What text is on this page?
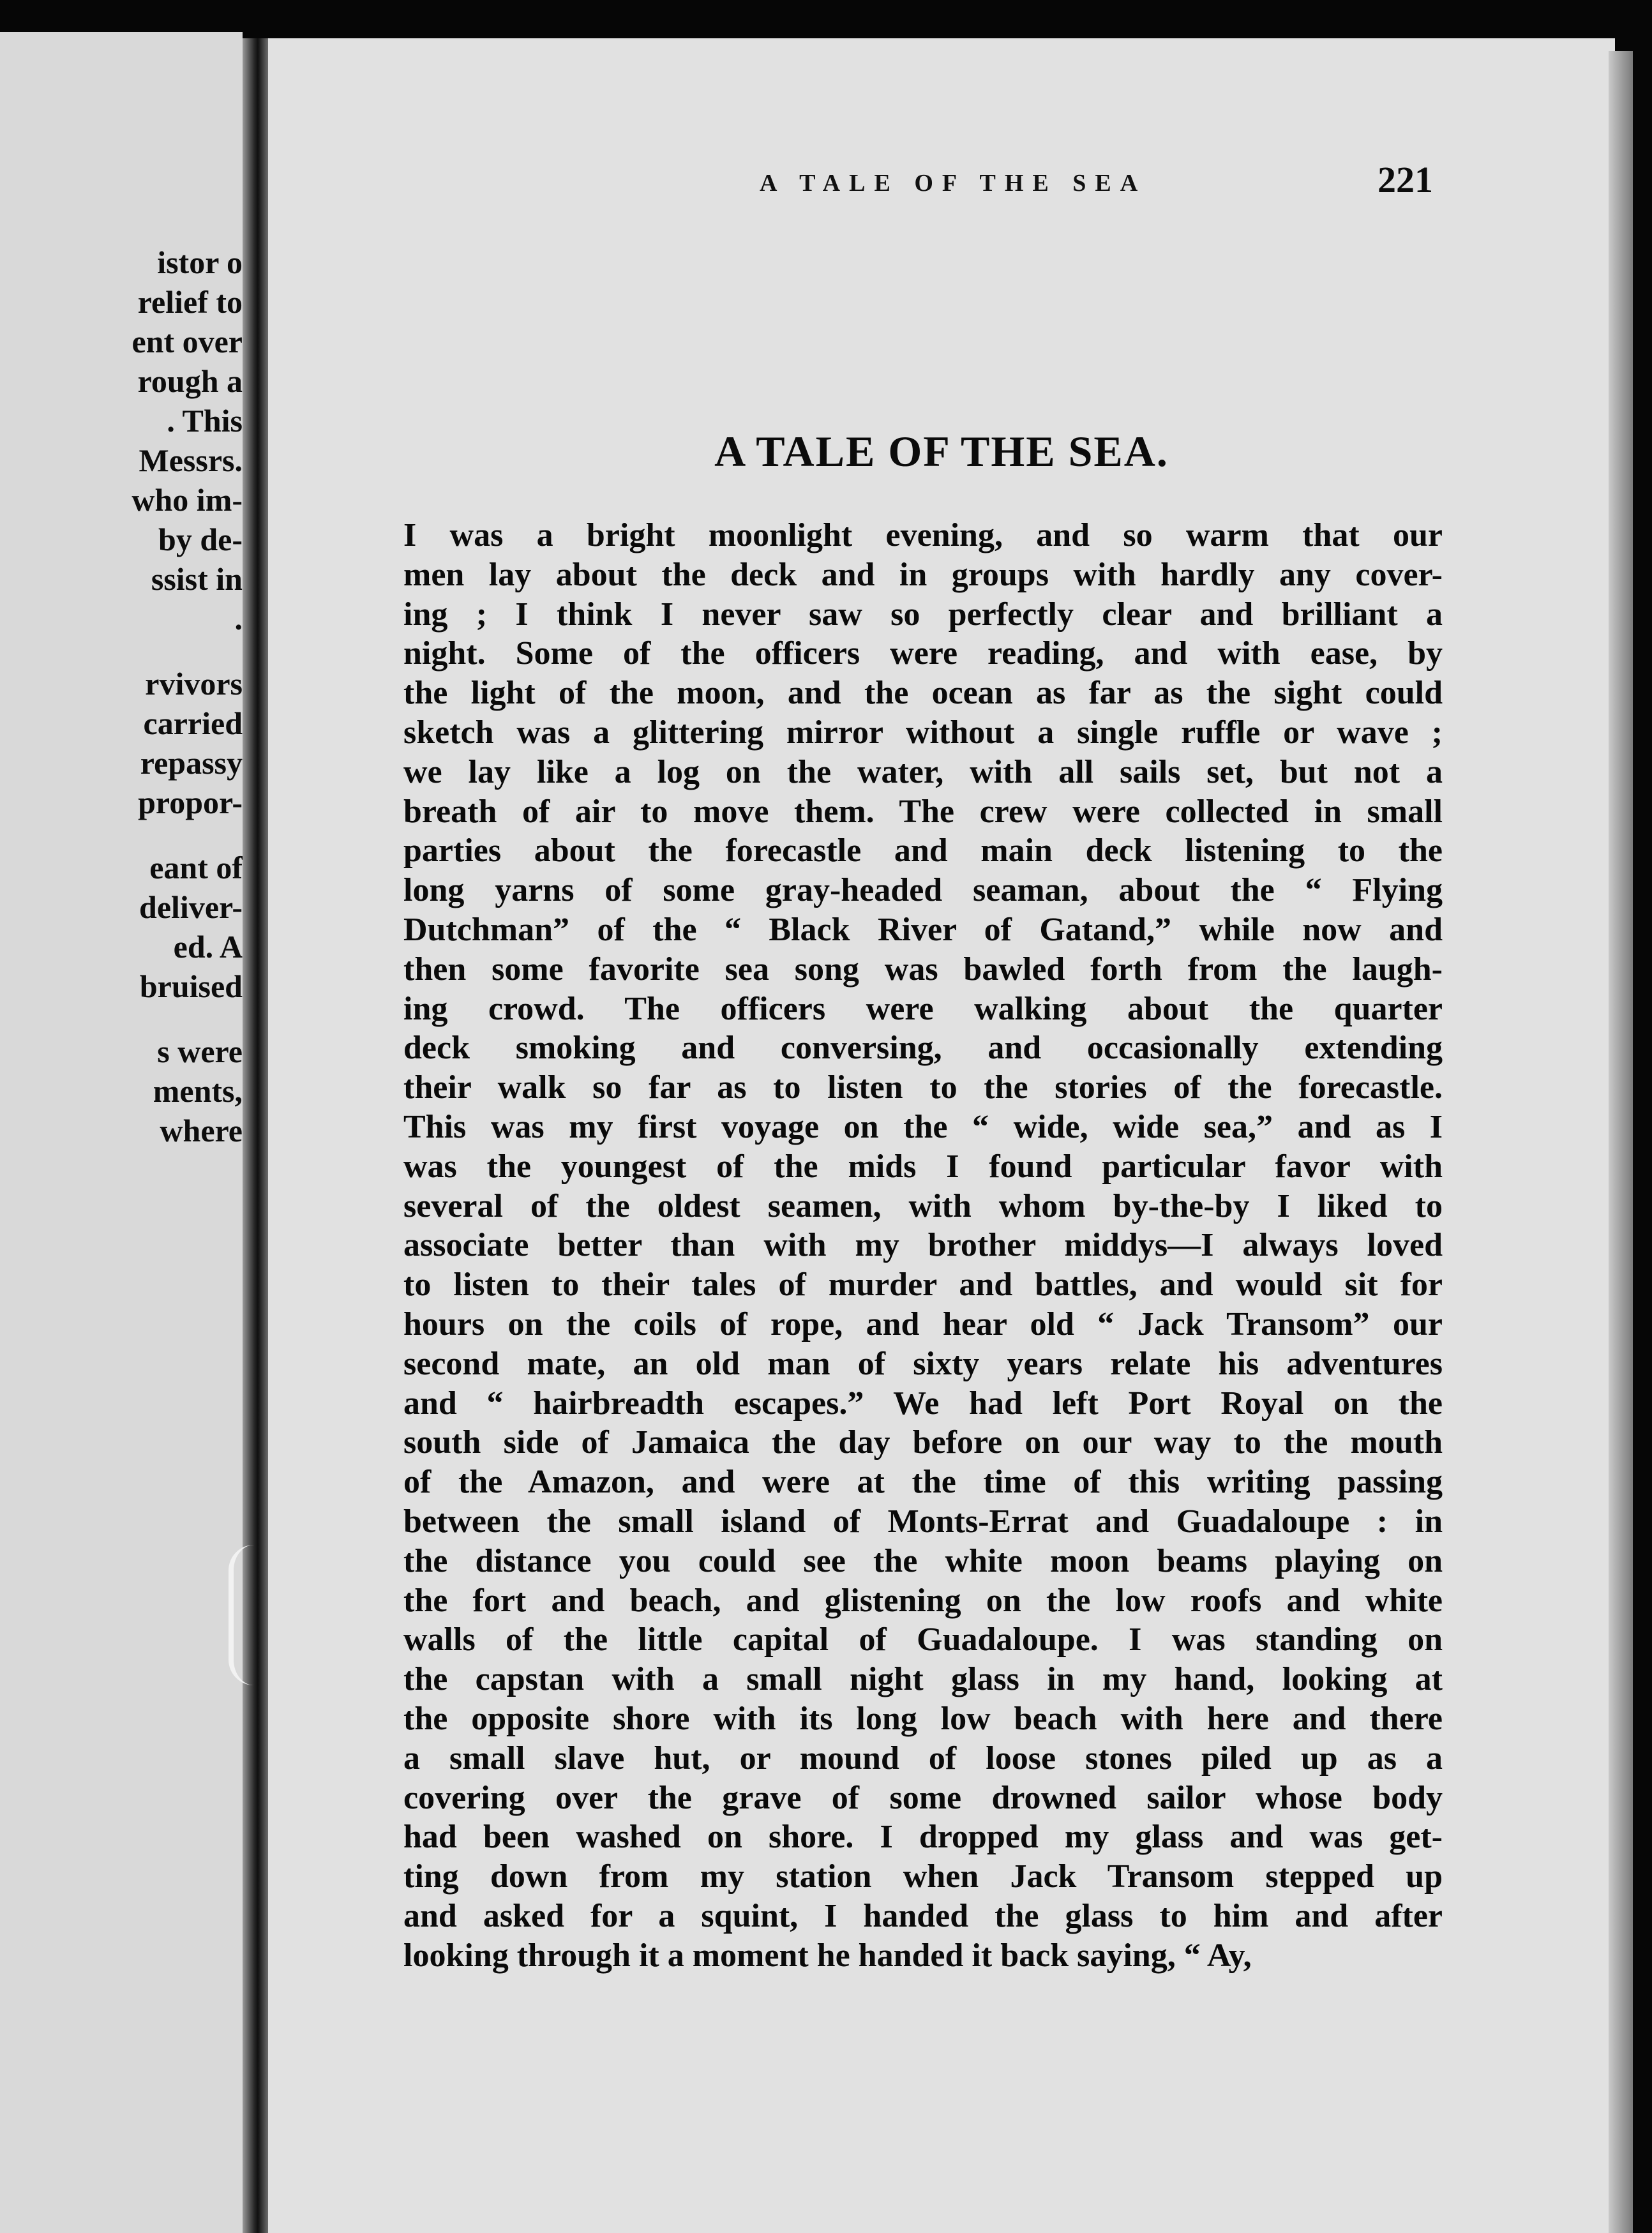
istor o
relief to
ent over
rough a
. This
Messrs.
who im-
by de-
ssist in
.
rvivors
carried
repassy
propor-
eant of
deliver-
ed. A
bruised
s were
ments,
where
A TALE OF THE SEA	221
A TALE OF THE SEA.
I was a bright moonlight evening, and so warm that our
men lay about the deck and in groups with hardly any cover-
ing ; I think I never saw so perfectly clear and brilliant a
night. Some of the officers were reading, and with ease, by
the light of the moon, and the ocean as far as the sight could
sketch was a glittering mirror without a single ruffle or wave ;
we lay like a log on the water, with all sails set, but not a
breath of air to move them. The crew were collected in small
parties about the forecastle and main deck listening to the
long yarns of some gray-headed seaman, about the “ Flying
Dutchman” of the “ Black River of Gatand,” while now and
then some favorite sea song was bawled forth from the laugh-
ing crowd. The officers were walking about the quarter
deck smoking and conversing, and occasionally extending
their walk so far as to listen to the stories of the forecastle.
This was my first voyage on the “ wide, wide sea,” and as I
was the youngest of the mids I found particular favor with
several of the oldest seamen, with whom by-the-by I liked to
associate better than with my brother middys—I always loved
to listen to their tales of murder and battles, and would sit for
hours on the coils of rope, and hear old “ Jack Transom” our
second mate, an old man of sixty years relate his adventures
and “ hairbreadth escapes.” We had left Port Royal on the
south side of Jamaica the day before on our way to the mouth
of the Amazon, and were at the time of this writing passing
between the small island of Monts-Errat and Guadaloupe : in
the distance you could see the white moon beams playing on
the fort and beach, and glistening on the low roofs and white
walls of the little capital of Guadaloupe. I was standing on
the capstan with a small night glass in my hand, looking at
the opposite shore with its long low beach with here and there
a small slave hut, or mound of loose stones piled up as a
covering over the grave of some drowned sailor whose body
had been washed on shore. I dropped my glass and was get-
ting down from my station when Jack Transom stepped up
and asked for a squint, I handed the glass to him and after
looking through it a moment he handed it back saying, “ Ay,
